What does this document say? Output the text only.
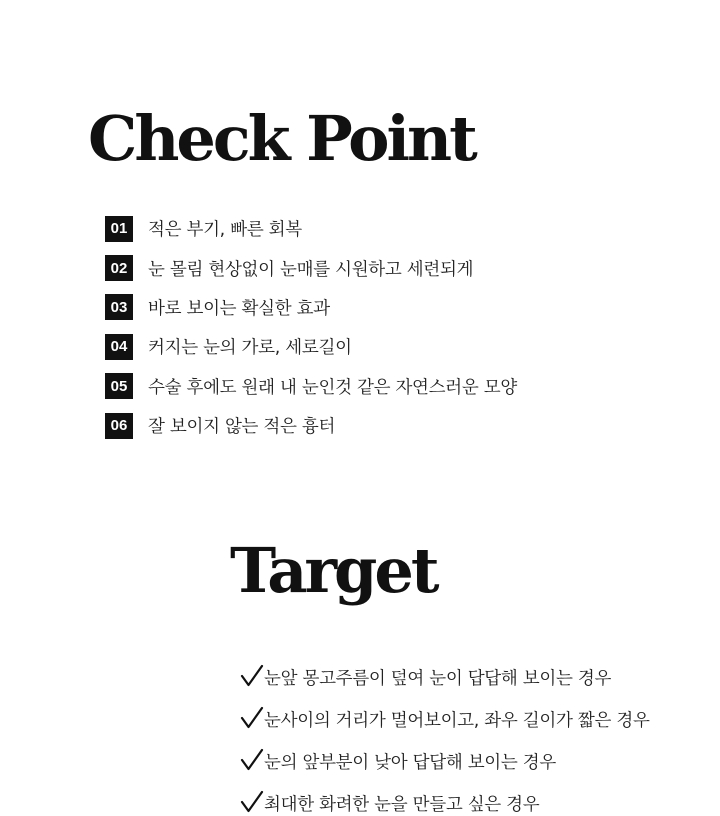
Check Point
01	적은 부기, 빠른 회복
02	눈 몰림 현상없이 눈매를 시원하고 세련되게
03	바로 보이는 확실한 효과
04	커지는 눈의 가로, 세로길이
05	수술 후에도 원래 내 눈인것 같은 자연스러운 모양
06	잘 보이지 않는 적은 흉터
Target
눈앞 몽고주름이 덮여 눈이 답답해 보이는 경우
눈사이의 거리가 멀어보이고, 좌우 길이가 짧은 경우
눈의 앞부분이 낮아 답답해 보이는 경우
최대한 화려한 눈을 만들고 싶은 경우
